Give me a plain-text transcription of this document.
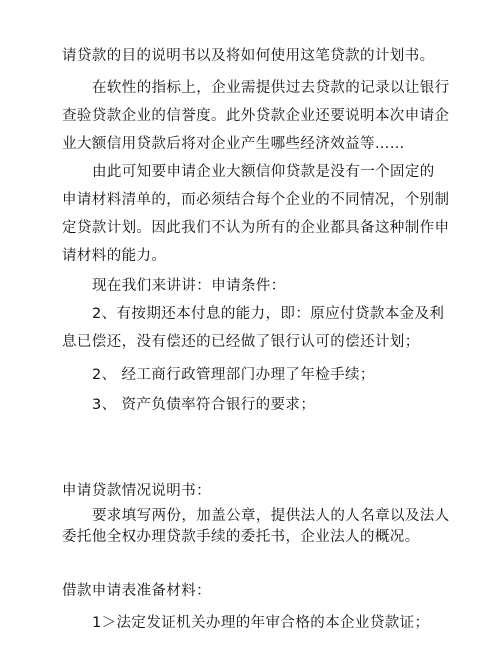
请贷款的目的说明书以及将如何使用这笔贷款的计划书。
在软性的指标上，企业需提供过去贷款的记录以让银行
查验贷款企业的信誉度。此外贷款企业还要说明本次申请企
业大额信用贷款后将对企业产生哪些经济效益等……
由此可知要申请企业大额信仰贷款是没有一个固定的
申请材料清单的，而必须结合每个企业的不同情况，个别制
定贷款计划。因此我们不认为所有的企业都具备这种制作申
请材料的能力。
现在我们来讲讲：申请条件：
2、有按期还本付息的能力，即：原应付贷款本金及利
息已偿还，没有偿还的已经做了银行认可的偿还计划；
2、 经工商行政管理部门办理了年检手续；
3、 资产负债率符合银行的要求；
申请贷款情况说明书：
要求填写两份，加盖公章，提供法人的人名章以及法人
委托他全权办理贷款手续的委托书，企业法人的概况。
借款申请表准备材料：
1＞法定发证机关办理的年审合格的本企业贷款证；
